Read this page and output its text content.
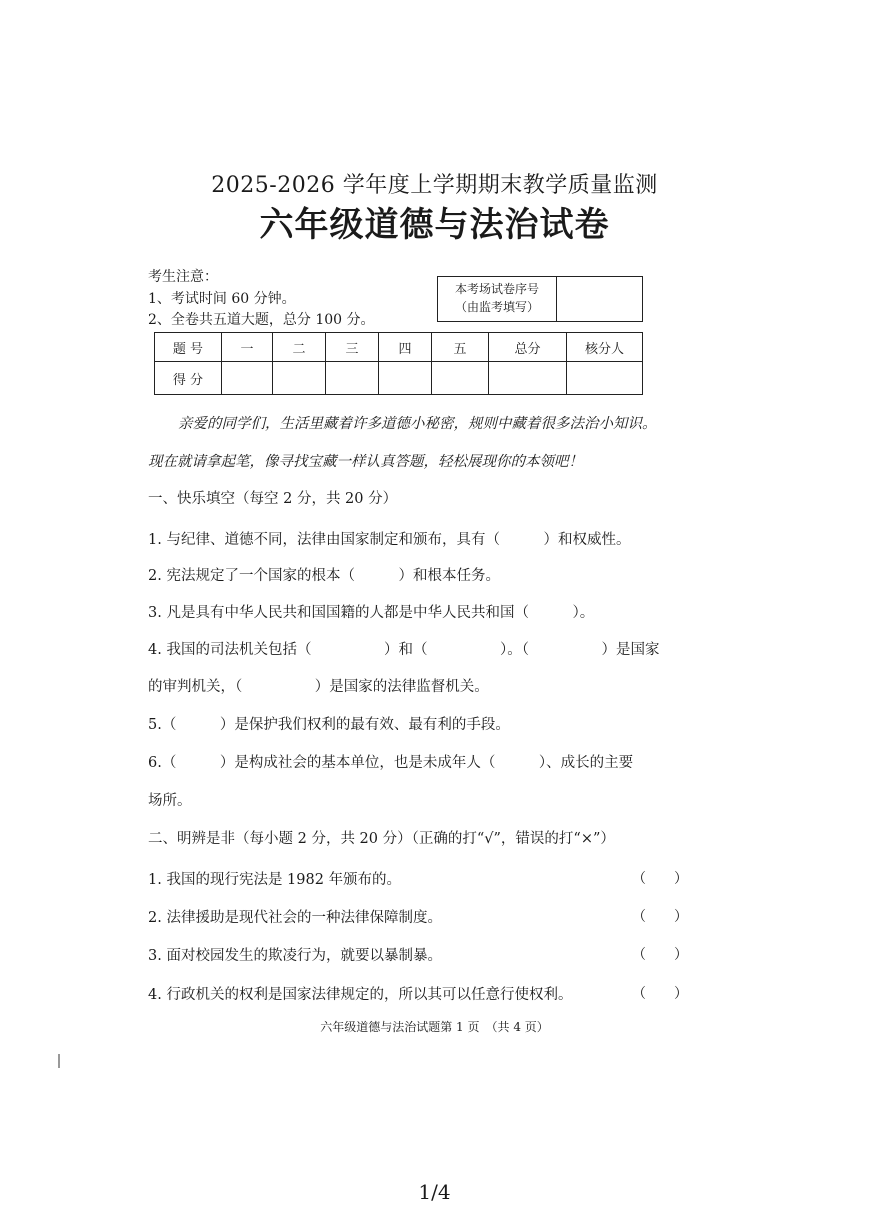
2025-2026 学年度上学期期末教学质量监测
六年级道德与法治试卷
考生注意：
1、考试时间 60 分钟。
2、全卷共五道大题，总分 100 分。
本考场试卷序号
（由监考填写）
题 号	一	二	三	四	五	总分	核分人
得 分							
亲爱的同学们，生活里藏着许多道德小秘密，规则中藏着很多法治小知识。
现在就请拿起笔，像寻找宝藏一样认真答题，轻松展现你的本领吧！
一、快乐填空（每空 2 分，共 20 分）
1. 与纪律、道德不同，法律由国家制定和颁布，具有（　　　）和权威性。
2. 宪法规定了一个国家的根本（　　　）和根本任务。
3. 凡是具有中华人民共和国国籍的人都是中华人民共和国（　　　）。
4. 我国的司法机关包括（　　　　　）和（　　　　　）。（　　　　　）是国家
的审判机关，（　　　　　）是国家的法律监督机关。
5.（　　　）是保护我们权利的最有效、最有利的手段。
6.（　　　）是构成社会的基本单位，也是未成年人（　　　）、成长的主要
场所。
二、明辨是非（每小题 2 分，共 20 分）（正确的打“√”，错误的打“×”）
1. 我国的现行宪法是 1982 年颁布的。	（　　）
2. 法律援助是现代社会的一种法律保障制度。	（　　）
3. 面对校园发生的欺凌行为，就要以暴制暴。	（　　）
4. 行政机关的权利是国家法律规定的，所以其可以任意行使权利。	（　　）
六年级道德与法治试题第 1 页　（共 4 页）
1/4
